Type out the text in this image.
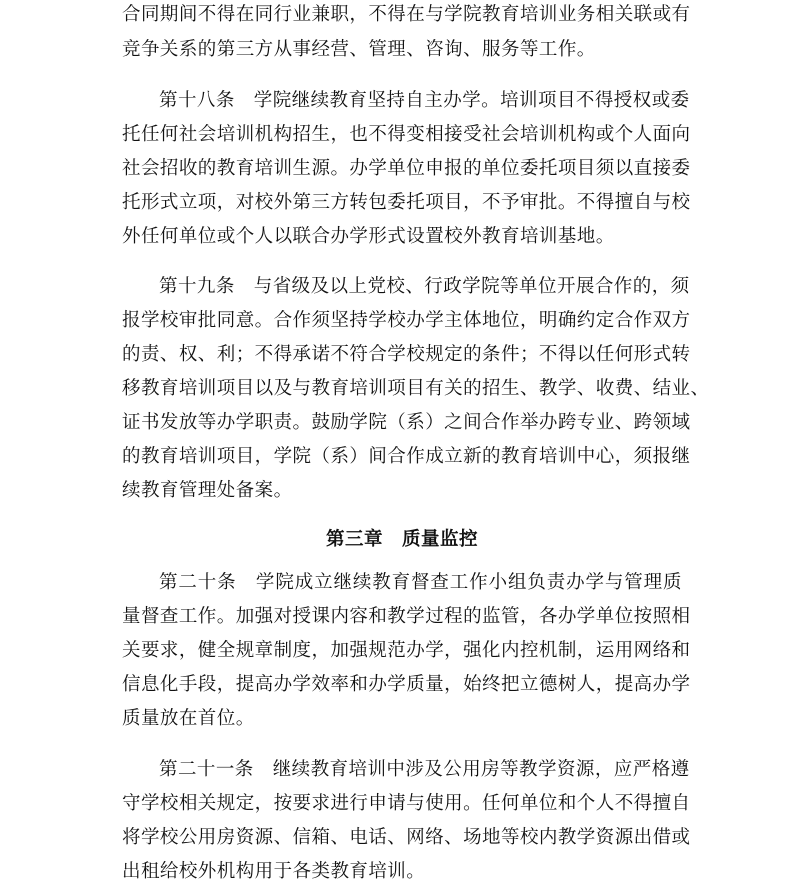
合同期间不得在同行业兼职，不得在与学院教育培训业务相关联或有
竞争关系的第三方从事经营、管理、咨询、服务等工作。
第十八条　学院继续教育坚持自主办学。培训项目不得授权或委
托任何社会培训机构招生，也不得变相接受社会培训机构或个人面向
社会招收的教育培训生源。办学单位申报的单位委托项目须以直接委
托形式立项，对校外第三方转包委托项目，不予审批。不得擅自与校
外任何单位或个人以联合办学形式设置校外教育培训基地。
第十九条　与省级及以上党校、行政学院等单位开展合作的，须
报学校审批同意。合作须坚持学校办学主体地位，明确约定合作双方
的责、权、利；不得承诺不符合学校规定的条件；不得以任何形式转
移教育培训项目以及与教育培训项目有关的招生、教学、收费、结业、
证书发放等办学职责。鼓励学院（系）之间合作举办跨专业、跨领域
的教育培训项目，学院（系）间合作成立新的教育培训中心，须报继
续教育管理处备案。
第三章　质量监控
第二十条　学院成立继续教育督查工作小组负责办学与管理质
量督查工作。加强对授课内容和教学过程的监管，各办学单位按照相
关要求，健全规章制度，加强规范办学，强化内控机制，运用网络和
信息化手段，提高办学效率和办学质量，始终把立德树人，提高办学
质量放在首位。
第二十一条　继续教育培训中涉及公用房等教学资源，应严格遵
守学校相关规定，按要求进行申请与使用。任何单位和个人不得擅自
将学校公用房资源、信箱、电话、网络、场地等校内教学资源出借或
出租给校外机构用于各类教育培训。
